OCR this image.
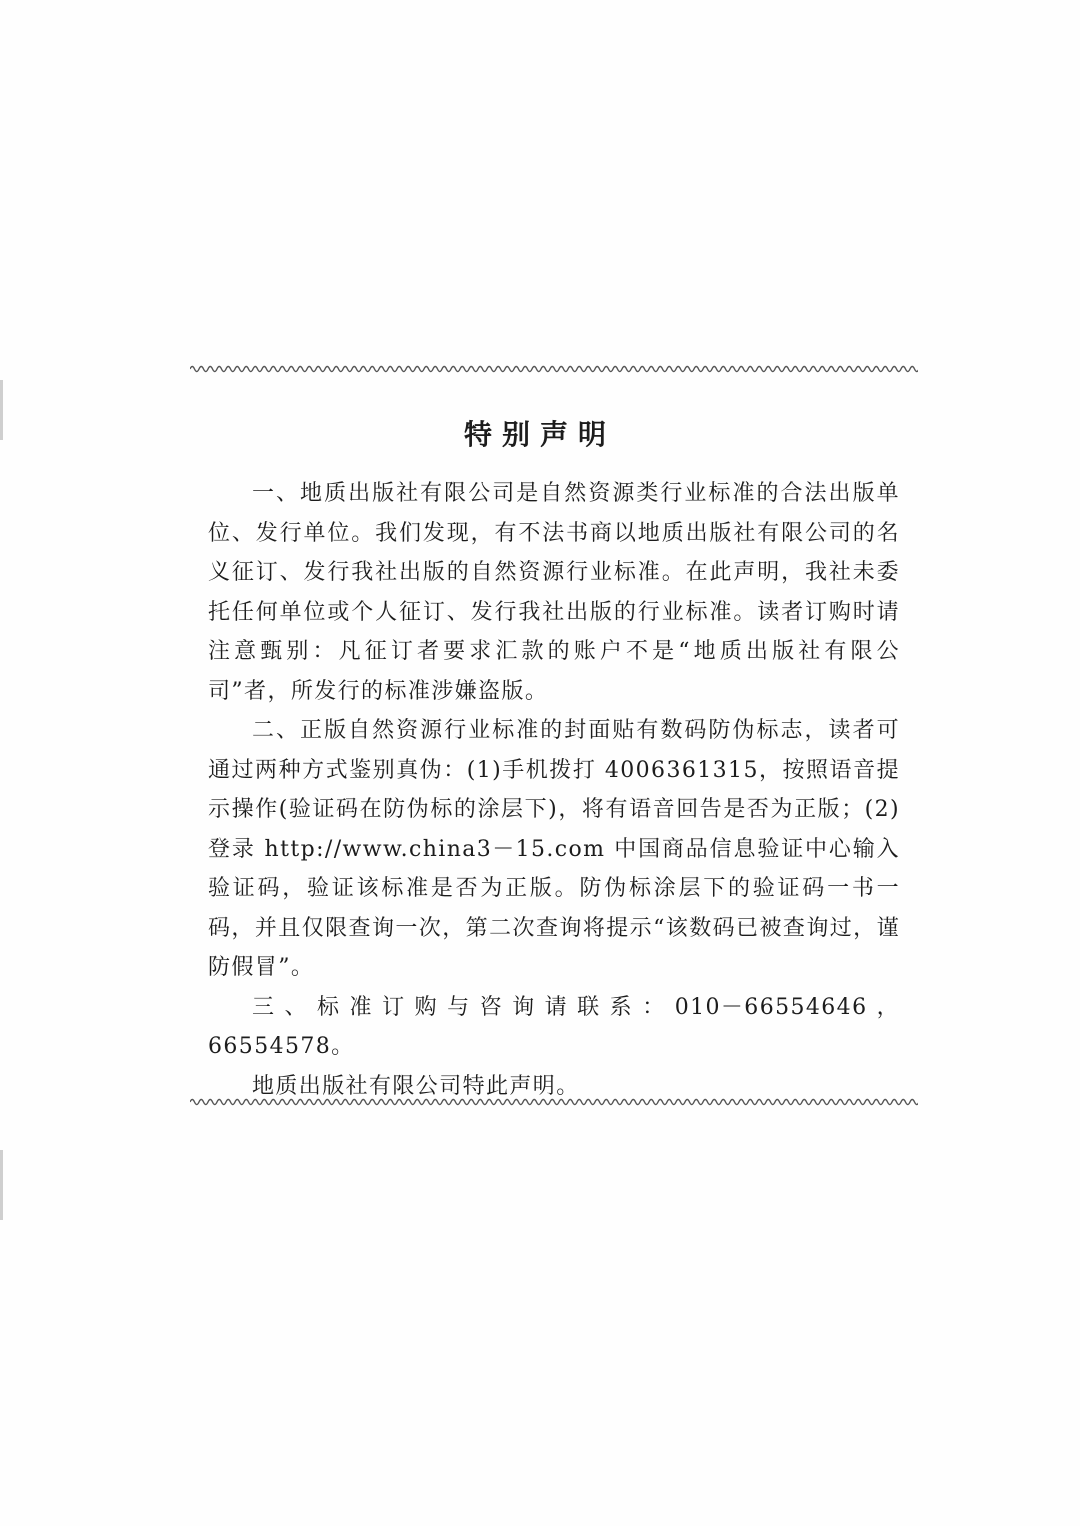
特别声明

一、地质出版社有限公司是自然资源类行业标准的合法出版单位、发行单位。我们发现，有不法书商以地质出版社有限公司的名义征订、发行我社出版的自然资源行业标准。在此声明，我社未委托任何单位或个人征订、发行我社出版的行业标准。读者订购时请注意甄别：凡征订者要求汇款的账户不是“地质出版社有限公司”者，所发行的标准涉嫌盗版。

二、正版自然资源行业标准的封面贴有数码防伪标志，读者可通过两种方式鉴别真伪：(1)手机拨打 4006361315，按照语音提示操作(验证码在防伪标的涂层下)，将有语音回告是否为正版；(2)登录 http://www.china3－15.com 中国商品信息验证中心输入验证码，验证该标准是否为正版。防伪标涂层下的验证码一书一码，并且仅限查询一次，第二次查询将提示“该数码已被查询过，谨防假冒”。

三、标准订购与咨询请联系：010－66554646，66554578。

地质出版社有限公司特此声明。
